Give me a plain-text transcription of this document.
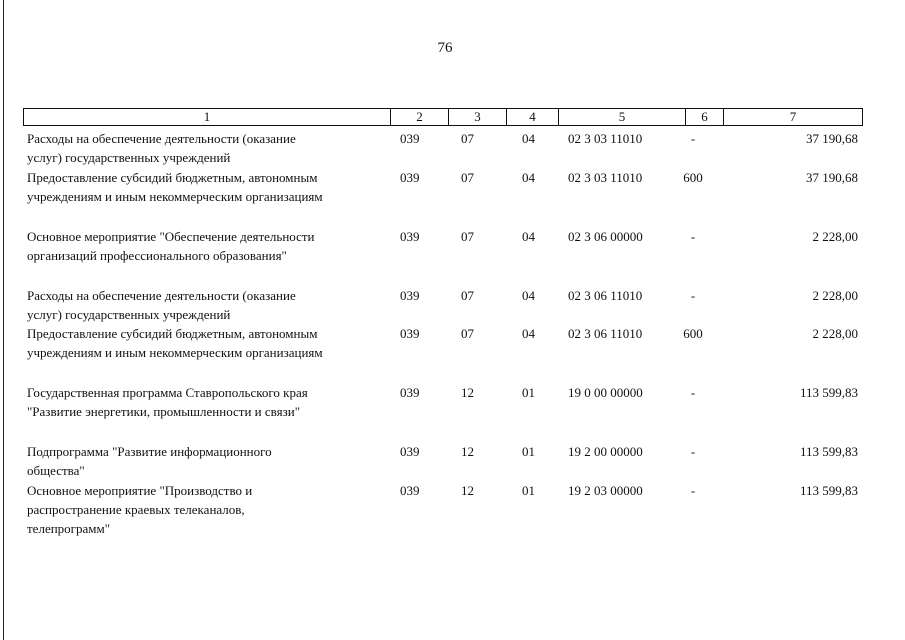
76
1	2	3	4	5	6	7
Расходы на обеспечение деятельности (оказание
услуг) государственных учреждений
039	07	04	02 3 03 11010	-	37 190,68
Предоставление субсидий бюджетным, автономным
учреждениям и иным некоммерческим организациям
039	07	04	02 3 03 11010	600	37 190,68
Основное мероприятие "Обеспечение деятельности
организаций профессионального образования"
039	07	04	02 3 06 00000	-	2 228,00
Расходы на обеспечение деятельности (оказание
услуг) государственных учреждений
039	07	04	02 3 06 11010	-	2 228,00
Предоставление субсидий бюджетным, автономным
учреждениям и иным некоммерческим организациям
039	07	04	02 3 06 11010	600	2 228,00
Государственная программа Ставропольского края
"Развитие энергетики, промышленности и связи"
039	12	01	19 0 00 00000	-	113 599,83
Подпрограмма "Развитие информационного
общества"
039	12	01	19 2 00 00000	-	113 599,83
Основное мероприятие "Производство и
распространение краевых телеканалов,
телепрограмм"
039	12	01	19 2 03 00000	-	113 599,83
